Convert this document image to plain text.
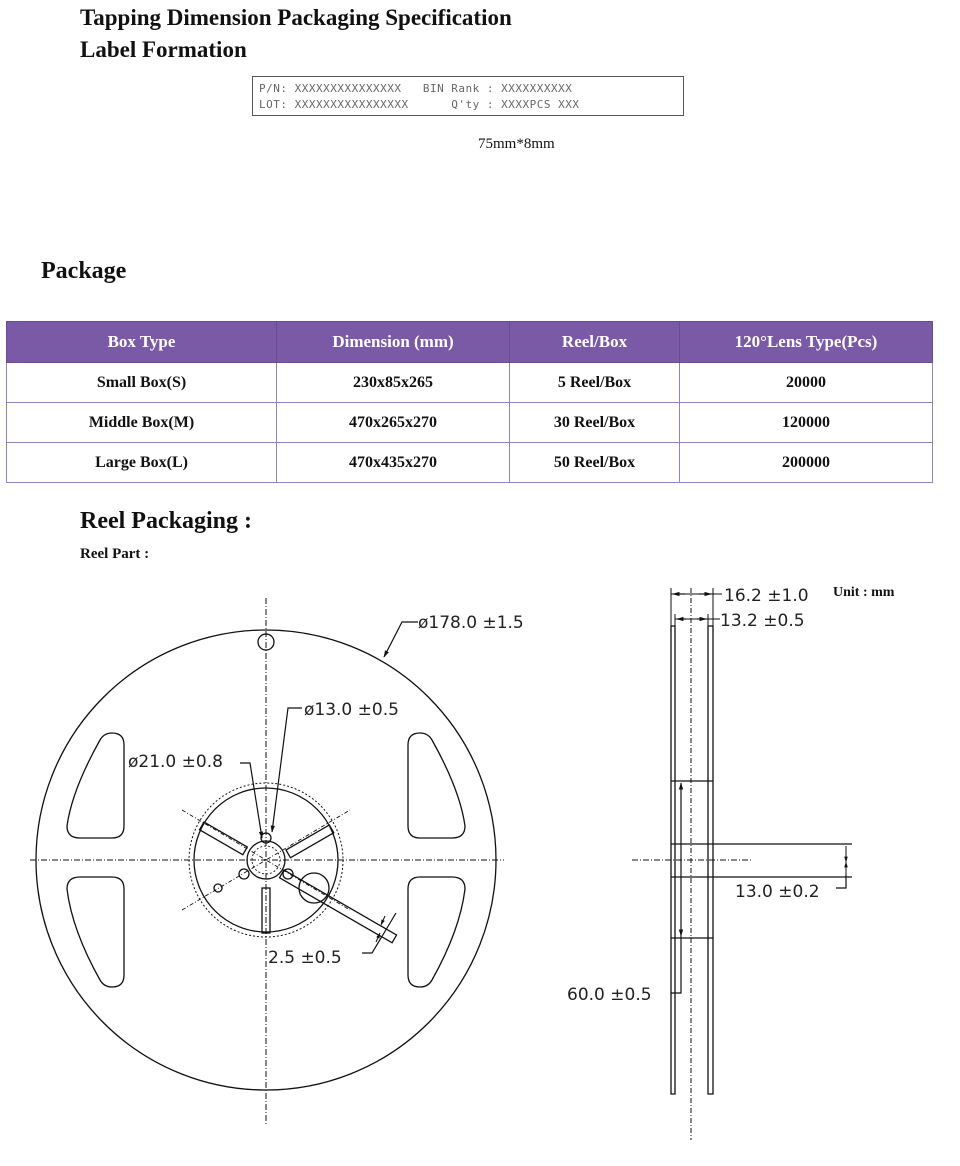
Tapping Dimension Packaging Specification
Label Formation
P/N: XXXXXXXXXXXXXXX   BIN Rank : XXXXXXXXXX
LOT: XXXXXXXXXXXXXXXX      Q'ty : XXXXPCS XXX
75mm*8mm
Package
Box Type	Dimension (mm)	Reel/Box	120°Lens Type(Pcs)
Small Box(S)	230x85x265	5 Reel/Box	20000
Middle Box(M)	470x265x270	30 Reel/Box	120000
Large Box(L)	470x435x270	50 Reel/Box	200000
Reel Packaging :
Reel Part :
Unit : mm
ø178.0 ±1.5
ø13.0 ±0.5
ø21.0 ±0.8
2.5 ±0.5
16.2 ±1.0
13.2 ±0.5
13.0 ±0.2
60.0 ±0.5
